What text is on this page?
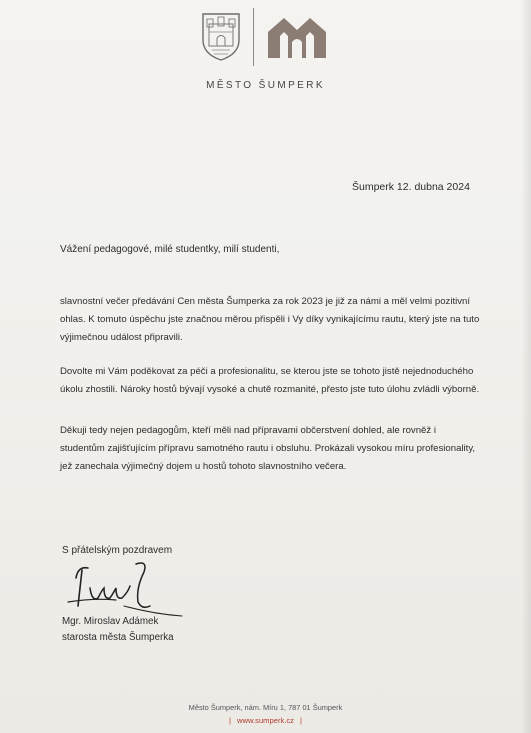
MĚSTO ŠUMPERK
Šumperk 12. dubna 2024
Vážení pedagogové, milé studentky, milí studenti,
slavnostní večer předávání Cen města Šumperka za rok 2023 je již za námi a měl velmi pozitivní ohlas. K tomuto úspěchu jste značnou měrou přispěli i Vy díky vynikajícímu rautu, který jste na tuto výjimečnou událost připravili.
Dovolte mi Vám poděkovat za péči a profesionalitu, se kterou jste se tohoto jistě nejednoduchého úkolu zhostili. Nároky hostů bývají vysoké a chutě rozmanité, přesto jste tuto úlohu zvládli výborně.
Děkuji tedy nejen pedagogům, kteří měli nad přípravami občerstvení dohled, ale rovněž i studentům zajišťujícím přípravu samotného rautu i obsluhu. Prokázali vysokou míru profesionality, jež zanechala výjimečný dojem u hostů tohoto slavnostního večera.
S přátelským pozdravem
Mgr. Miroslav Adámek
starosta města Šumperka
Město Šumperk, nám. Míru 1, 787 01 Šumperk
| www.sumperk.cz |
